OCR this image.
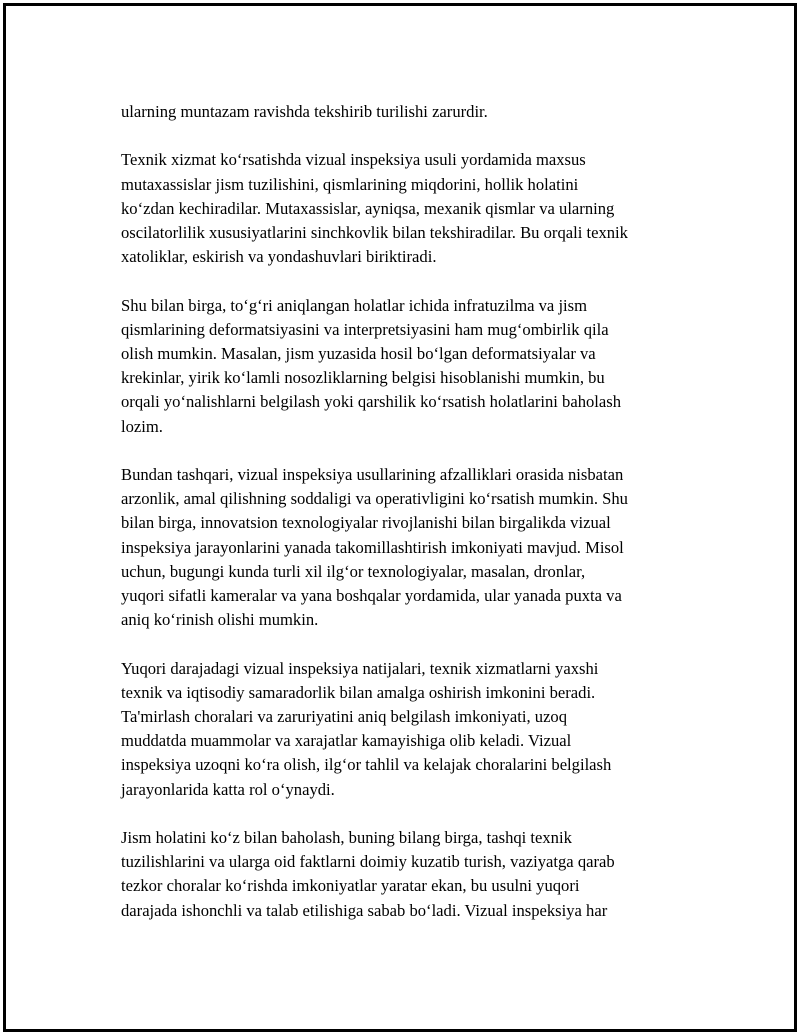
ularning muntazam ravishda tekshirib turilishi zarurdir.

Texnik xizmat ko‘rsatishda vizual inspeksiya usuli yordamida maxsus
mutaxassislar jism tuzilishini, qismlarining miqdorini, hollik holatini
ko‘zdan kechiradilar. Mutaxassislar, ayniqsa, mexanik qismlar va ularning
oscilatorlilik xususiyatlarini sinchkovlik bilan tekshiradilar. Bu orqali texnik
xatoliklar, eskirish va yondashuvlari biriktiradi.

Shu bilan birga, to‘g‘ri aniqlangan holatlar ichida infratuzilma va jism
qismlarining deformatsiyasini va interpretsiyasini ham mug‘ombirlik qila
olish mumkin. Masalan, jism yuzasida hosil bo‘lgan deformatsiyalar va
krekinlar, yirik ko‘lamli nosozliklarning belgisi hisoblanishi mumkin, bu
orqali yo‘nalishlarni belgilash yoki qarshilik ko‘rsatish holatlarini baholash
lozim.

Bundan tashqari, vizual inspeksiya usullarining afzalliklari orasida nisbatan
arzonlik, amal qilishning soddaligi va operativligini ko‘rsatish mumkin. Shu
bilan birga, innovatsion texnologiyalar rivojlanishi bilan birgalikda vizual
inspeksiya jarayonlarini yanada takomillashtirish imkoniyati mavjud. Misol
uchun, bugungi kunda turli xil ilg‘or texnologiyalar, masalan, dronlar,
yuqori sifatli kameralar va yana boshqalar yordamida, ular yanada puxta va
aniq ko‘rinish olishi mumkin.

Yuqori darajadagi vizual inspeksiya natijalari, texnik xizmatlarni yaxshi
texnik va iqtisodiy samaradorlik bilan amalga oshirish imkonini beradi.
Ta'mirlash choralari va zaruriyatini aniq belgilash imkoniyati, uzoq
muddatda muammolar va xarajatlar kamayishiga olib keladi. Vizual
inspeksiya uzoqni ko‘ra olish, ilg‘or tahlil va kelajak choralarini belgilash
jarayonlarida katta rol o‘ynaydi.

Jism holatini ko‘z bilan baholash, buning bilang birga, tashqi texnik
tuzilishlarini va ularga oid faktlarni doimiy kuzatib turish, vaziyatga qarab
tezkor choralar ko‘rishda imkoniyatlar yaratar ekan, bu usulni yuqori
darajada ishonchli va talab etilishiga sabab bo‘ladi. Vizual inspeksiya har
